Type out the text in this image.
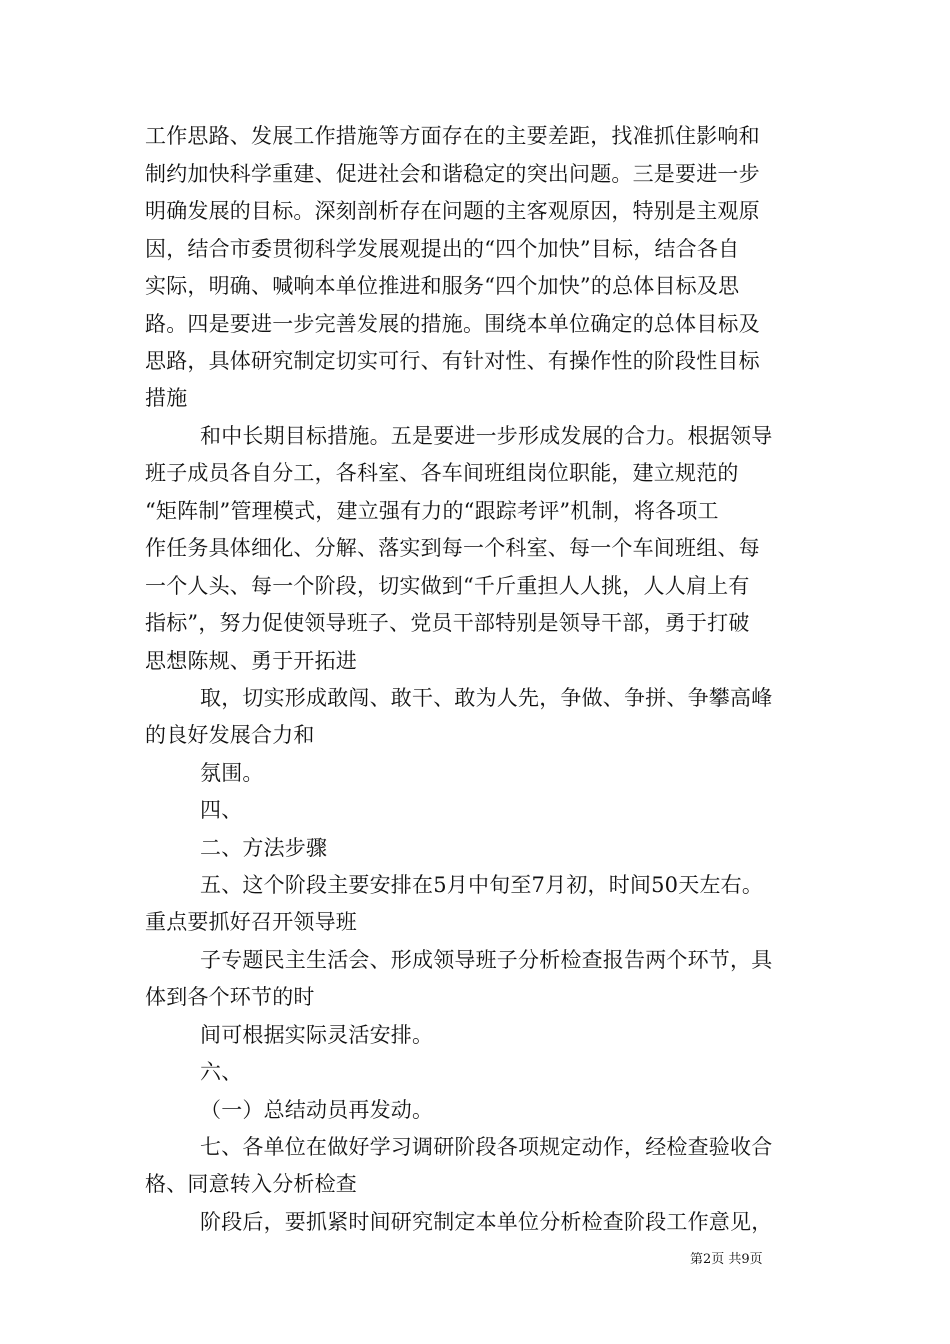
工作思路、发展工作措施等方面存在的主要差距，找准抓住影响和
制约加快科学重建、促进社会和谐稳定的突出问题。三是要进一步
明确发展的目标。深刻剖析存在问题的主客观原因，特别是主观原
因，结合市委贯彻科学发展观提出的“四个加快”目标，结合各自
实际，明确、喊响本单位推进和服务“四个加快”的总体目标及思
路。四是要进一步完善发展的措施。围绕本单位确定的总体目标及
思路，具体研究制定切实可行、有针对性、有操作性的阶段性目标
措施
和中长期目标措施。五是要进一步形成发展的合力。根据领导
班子成员各自分工，各科室、各车间班组岗位职能，建立规范的
“矩阵制”管理模式，建立强有力的“跟踪考评”机制，将各项工
作任务具体细化、分解、落实到每一个科室、每一个车间班组、每
一个人头、每一个阶段，切实做到“千斤重担人人挑，人人肩上有
指标”，努力促使领导班子、党员干部特别是领导干部，勇于打破
思想陈规、勇于开拓进
取，切实形成敢闯、敢干、敢为人先，争做、争拼、争攀高峰
的良好发展合力和
氛围。
四、
二、方法步骤
五、这个阶段主要安排在5月中旬至7月初，时间50天左右。
重点要抓好召开领导班
子专题民主生活会、形成领导班子分析检查报告两个环节，具
体到各个环节的时
间可根据实际灵活安排。
六、
（一）总结动员再发动。
七、各单位在做好学习调研阶段各项规定动作，经检查验收合
格、同意转入分析检查
阶段后，要抓紧时间研究制定本单位分析检查阶段工作意见，
第2页 共9页
